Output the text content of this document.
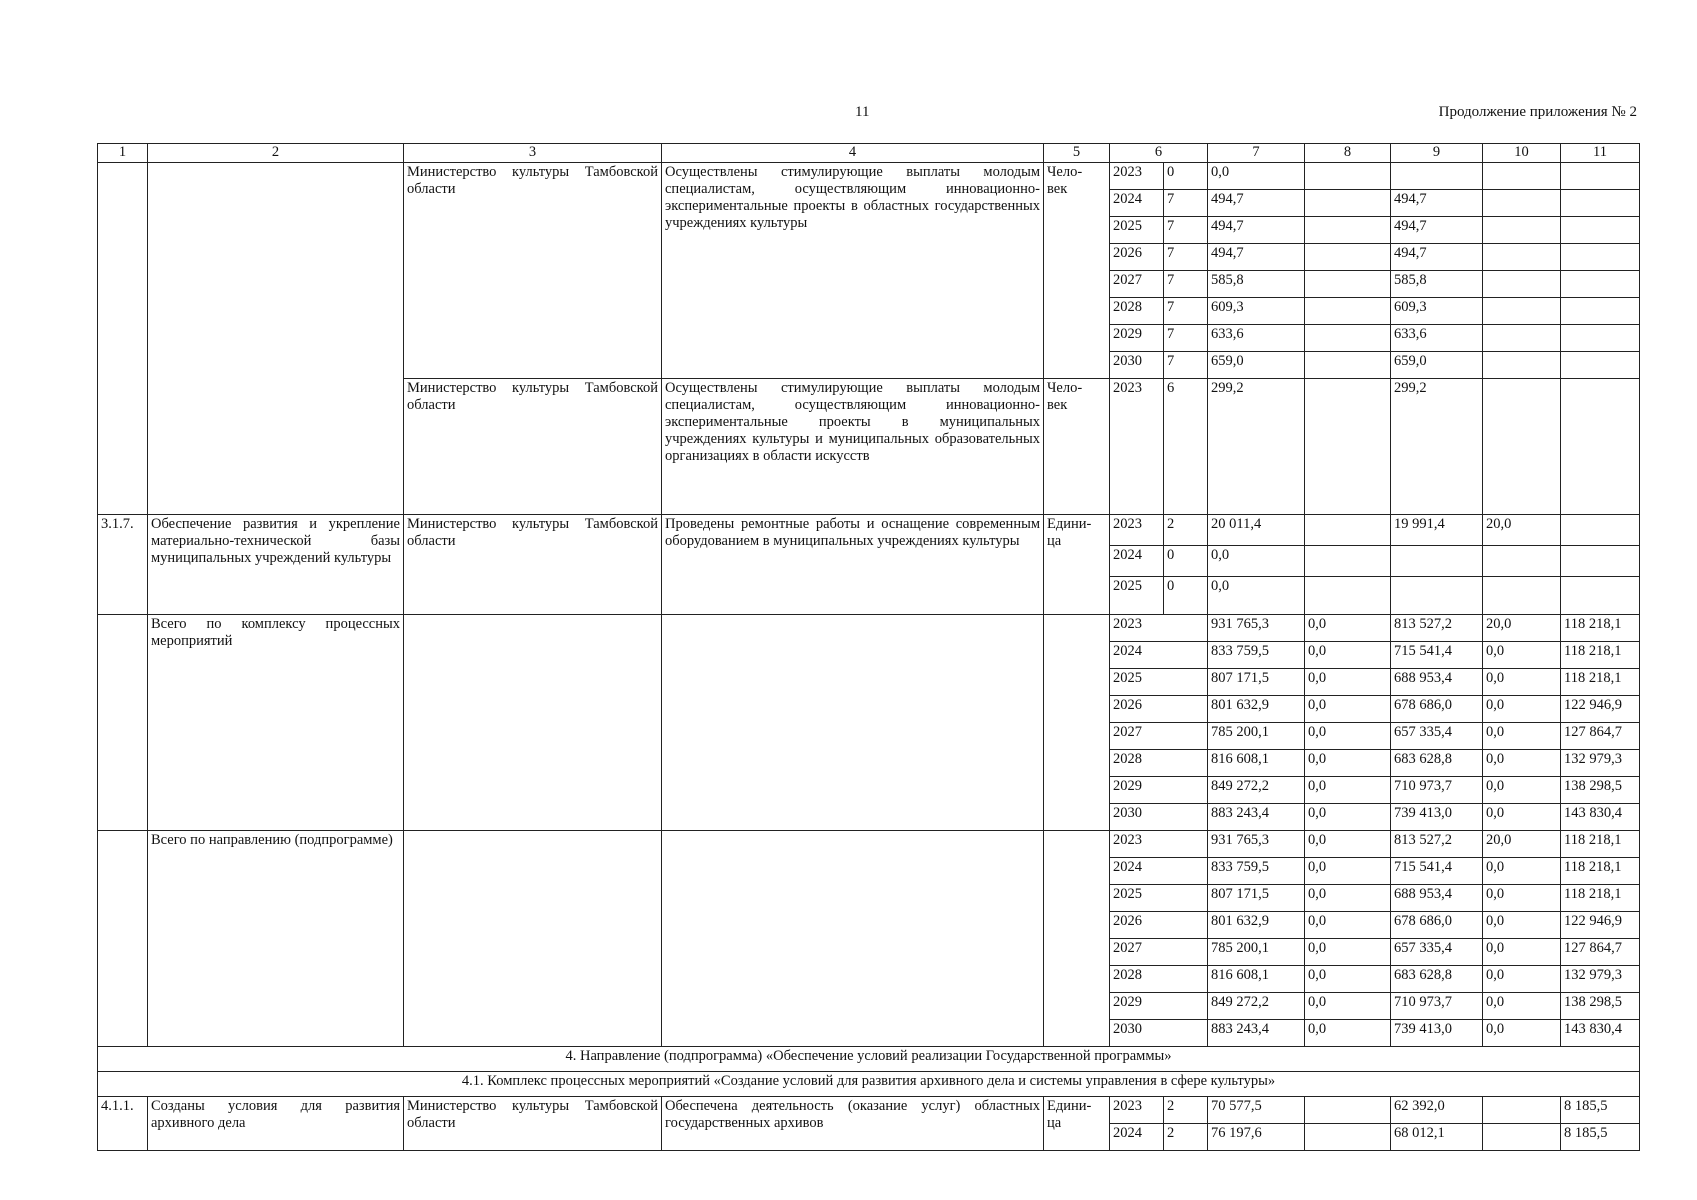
11	Продолжение приложения № 2
1	2	3	4	5	6		7	8	9	10	11
		Министерство культуры Тамбовской области	Осуществлены стимулирующие выплаты молодым специалистам, осуществляющим инновационно-экспериментальные проекты в областных государственных учреждениях культуры	Чело- век	2023	0	0,0				
					2024	7	494,7		494,7		
					2025	7	494,7		494,7		
					2026	7	494,7		494,7		
					2027	7	585,8		585,8		
					2028	7	609,3		609,3		
					2029	7	633,6		633,6		
					2030	7	659,0		659,0		
		Министерство культуры Тамбовской области	Осуществлены стимулирующие выплаты молодым специалистам, осуществляющим инновационно-экспериментальные проекты в муниципальных учреждениях культуры и муниципальных образовательных организациях в области искусств	Чело- век	2023	6	299,2		299,2		
3.1.7.	Обеспечение развития и укрепление материально-технической базы муниципальных учреждений культуры	Министерство культуры Тамбовской области	Проведены ремонтные работы и оснащение современным оборудованием в муниципальных учреждениях культуры	Едини- ца	2023	2	20 011,4		19 991,4	20,0	
					2024	0	0,0				
					2025	0	0,0				
	Всего по комплексу процессных мероприятий				2023		931 765,3	0,0	813 527,2	20,0	118 218,1
					2024		833 759,5	0,0	715 541,4	0,0	118 218,1
					2025		807 171,5	0,0	688 953,4	0,0	118 218,1
					2026		801 632,9	0,0	678 686,0	0,0	122 946,9
					2027		785 200,1	0,0	657 335,4	0,0	127 864,7
					2028		816 608,1	0,0	683 628,8	0,0	132 979,3
					2029		849 272,2	0,0	710 973,7	0,0	138 298,5
					2030		883 243,4	0,0	739 413,0	0,0	143 830,4
	Всего по направлению (подпрограмме)				2023		931 765,3	0,0	813 527,2	20,0	118 218,1
					2024		833 759,5	0,0	715 541,4	0,0	118 218,1
					2025		807 171,5	0,0	688 953,4	0,0	118 218,1
					2026		801 632,9	0,0	678 686,0	0,0	122 946,9
					2027		785 200,1	0,0	657 335,4	0,0	127 864,7
					2028		816 608,1	0,0	683 628,8	0,0	132 979,3
					2029		849 272,2	0,0	710 973,7	0,0	138 298,5
					2030		883 243,4	0,0	739 413,0	0,0	143 830,4
4. Направление (подпрограмма) «Обеспечение условий реализации Государственной программы»											
4.1. Комплекс процессных мероприятий «Создание условий для развития архивного дела и системы управления в сфере культуры»											
4.1.1.	Созданы условия для развития архивного дела	Министерство культуры Тамбовской области	Обеспечена деятельность (оказание услуг) областных государственных архивов	Едини- ца	2023	2	70 577,5		62 392,0		8 185,5
					2024	2	76 197,6		68 012,1		8 185,5
